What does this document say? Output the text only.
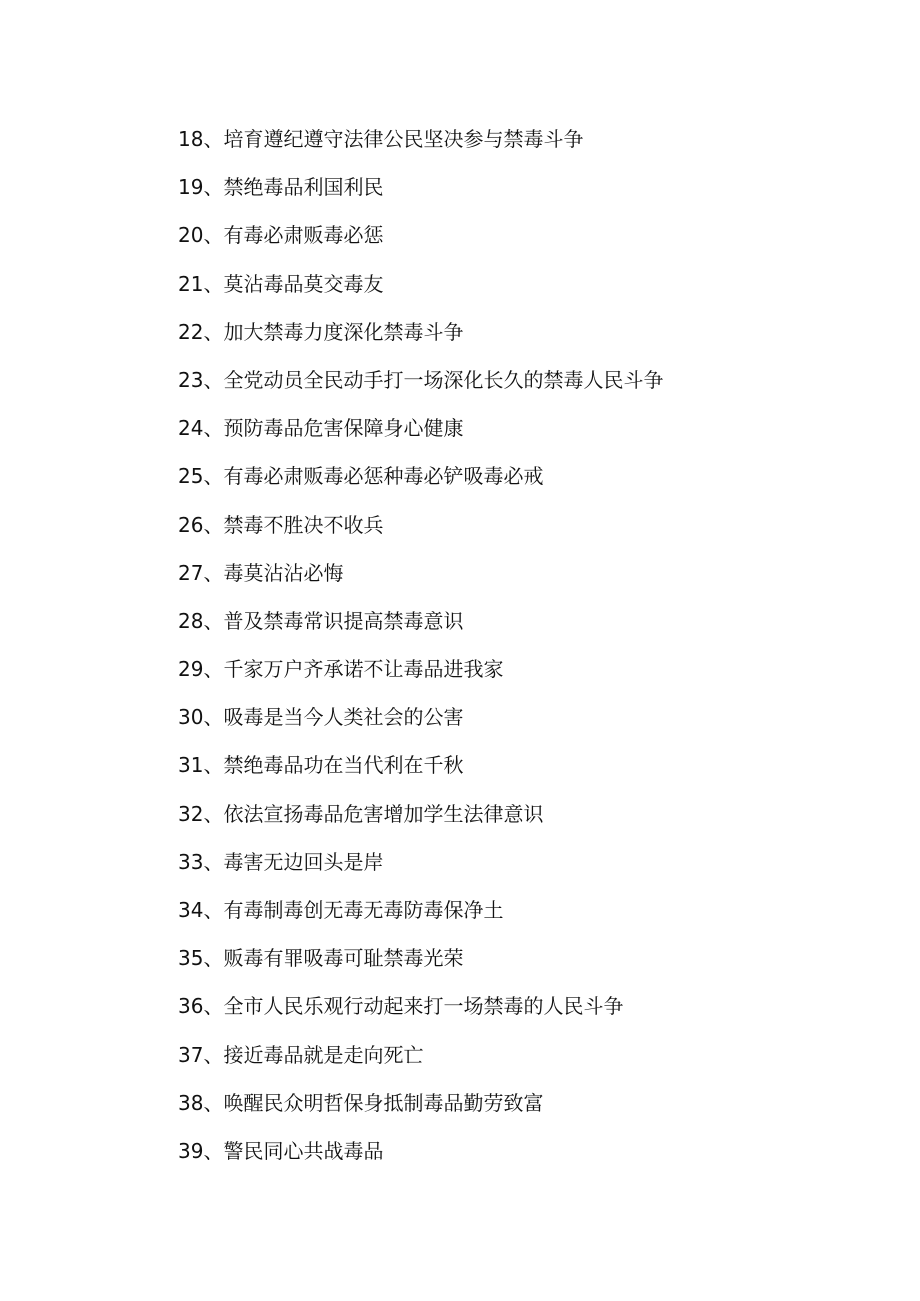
18、培育遵纪遵守法律公民坚决参与禁毒斗争
19、禁绝毒品利国利民
20、有毒必肃贩毒必惩
21、莫沾毒品莫交毒友
22、加大禁毒力度深化禁毒斗争
23、全党动员全民动手打一场深化长久的禁毒人民斗争
24、预防毒品危害保障身心健康
25、有毒必肃贩毒必惩种毒必铲吸毒必戒
26、禁毒不胜决不收兵
27、毒莫沾沾必悔
28、普及禁毒常识提高禁毒意识
29、千家万户齐承诺不让毒品进我家
30、吸毒是当今人类社会的公害
31、禁绝毒品功在当代利在千秋
32、依法宣扬毒品危害增加学生法律意识
33、毒害无边回头是岸
34、有毒制毒创无毒无毒防毒保净土
35、贩毒有罪吸毒可耻禁毒光荣
36、全市人民乐观行动起来打一场禁毒的人民斗争
37、接近毒品就是走向死亡
38、唤醒民众明哲保身抵制毒品勤劳致富
39、警民同心共战毒品
